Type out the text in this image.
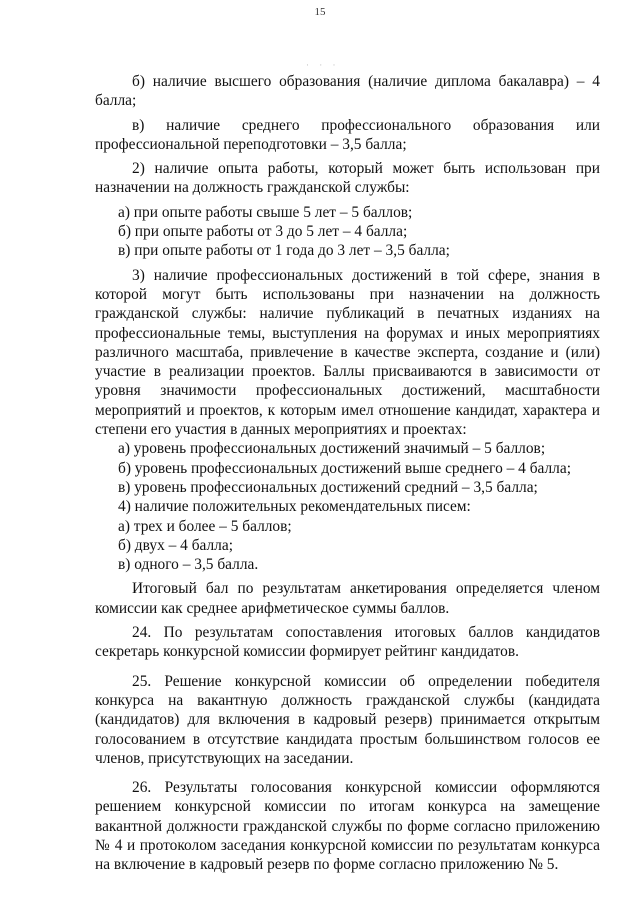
15
· · ·

б) наличие высшего образования (наличие диплома бакалавра) – 4 балла;

в) наличие среднего профессионального образования или профессиональной переподготовки – 3,5 балла;

2) наличие опыта работы, который может быть использован при назначении на должность гражданской службы:

а) при опыте работы свыше 5 лет – 5 баллов;

б) при опыте работы от 3 до 5 лет – 4 балла;

в) при опыте работы от 1 года до 3 лет – 3,5 балла;

3) наличие профессиональных достижений в той сфере, знания в которой могут быть использованы при назначении на должность гражданской службы: наличие публикаций в печатных изданиях на профессиональные темы, выступления на форумах и иных мероприятиях различного масштаба, привлечение в качестве эксперта, создание и (или) участие в реализации проектов. Баллы присваиваются в зависимости от уровня значимости профессиональных достижений, масштабности мероприятий и проектов, к которым имел отношение кандидат, характера и степени его участия в данных мероприятиях и проектах:

а) уровень профессиональных достижений значимый – 5 баллов;

б) уровень профессиональных достижений выше среднего – 4 балла;

в) уровень профессиональных достижений средний – 3,5 балла;

4) наличие положительных рекомендательных писем:

а) трех и более – 5 баллов;

б) двух – 4 балла;

в) одного – 3,5 балла.

Итоговый бал по результатам анкетирования определяется членом комиссии как среднее арифметическое суммы баллов.

24. По результатам сопоставления итоговых баллов кандидатов секретарь конкурсной комиссии формирует рейтинг кандидатов.

25. Решение конкурсной комиссии об определении победителя конкурса на вакантную должность гражданской службы (кандидата (кандидатов) для включения в кадровый резерв) принимается открытым голосованием в отсутствие кандидата простым большинством голосов ее членов, присутствующих на заседании.

26. Результаты голосования конкурсной комиссии оформляются решением конкурсной комиссии по итогам конкурса на замещение вакантной должности гражданской службы по форме согласно приложению № 4 и протоколом заседания конкурсной комиссии по результатам конкурса на включение в кадровый резерв по форме согласно приложению № 5.
